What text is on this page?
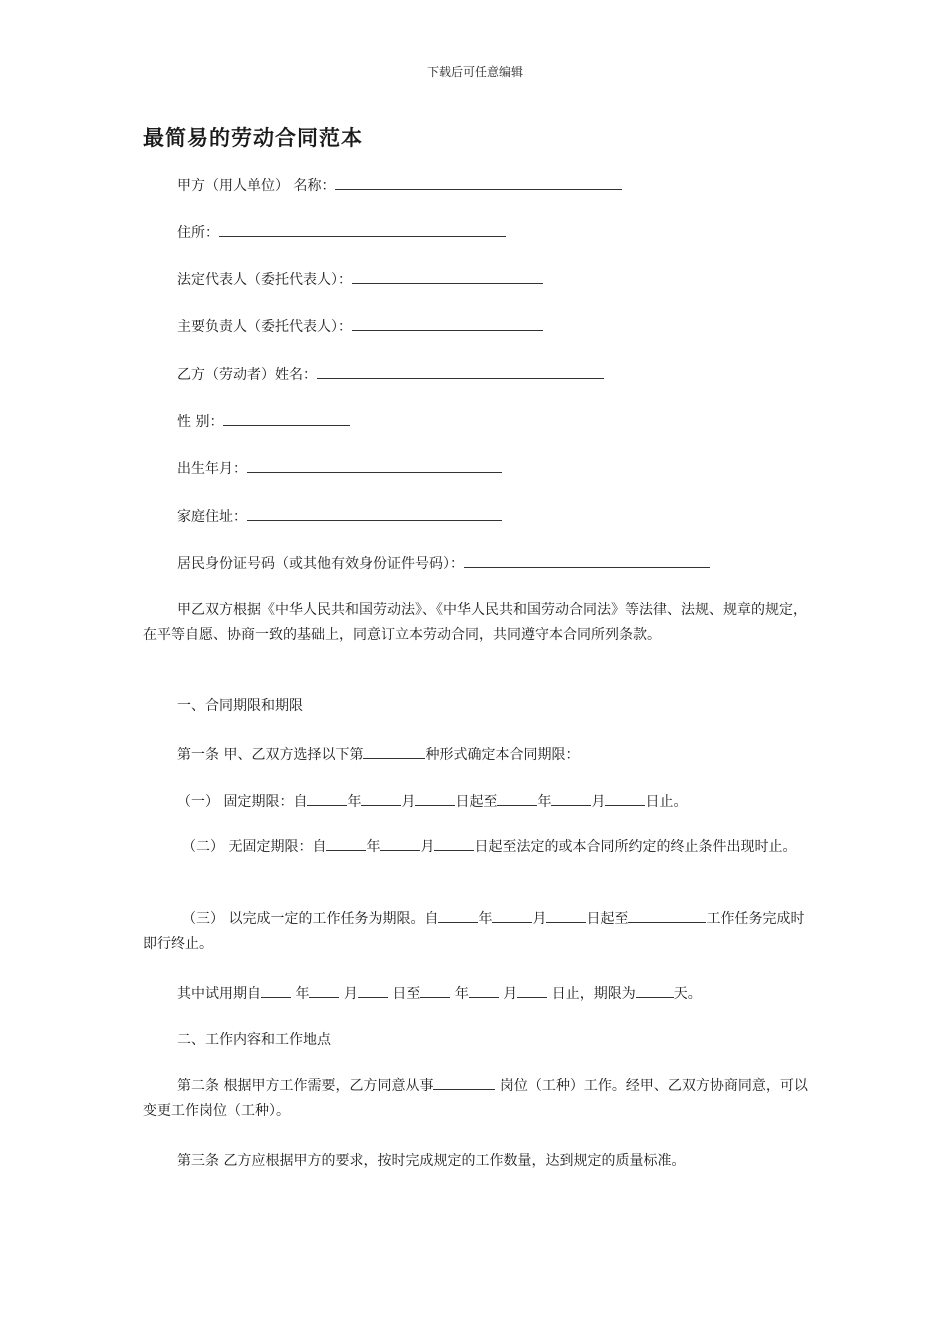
下载后可任意编辑
最简易的劳动合同范本
甲方（用人单位） 名称：
住所：
法定代表人（委托代表人）：
主要负责人（委托代表人）：
乙方（劳动者）姓名：
性 别：
出生年月：
家庭住址：
居民身份证号码（或其他有效身份证件号码）：
甲乙双方根据《中华人民共和国劳动法》、《中华人民共和国劳动合同法》等法律、法规、规章的规定，在平等自愿、协商一致的基础上，同意订立本劳动合同，共同遵守本合同所列条款。
一、合同期限和期限
第一条 甲、乙双方选择以下第	种形式确定本合同期限：
（一） 固定期限：自	年	月	日起至	年	月	日止。
（二） 无固定期限：自	年	月	日起至法定的或本合同所约定的终止条件出现时止。
（三） 以完成一定的工作任务为期限。自	年	月	日起至	工作任务完成时即行终止。
其中试用期自 年 月 日至 年 月 日止，期限为	天。
二、工作内容和工作地点
第二条 根据甲方工作需要，乙方同意从事	岗位（工种）工作。经甲、乙双方协商同意，可以变更工作岗位（工种）。
第三条 乙方应根据甲方的要求，按时完成规定的工作数量，达到规定的质量标准。
